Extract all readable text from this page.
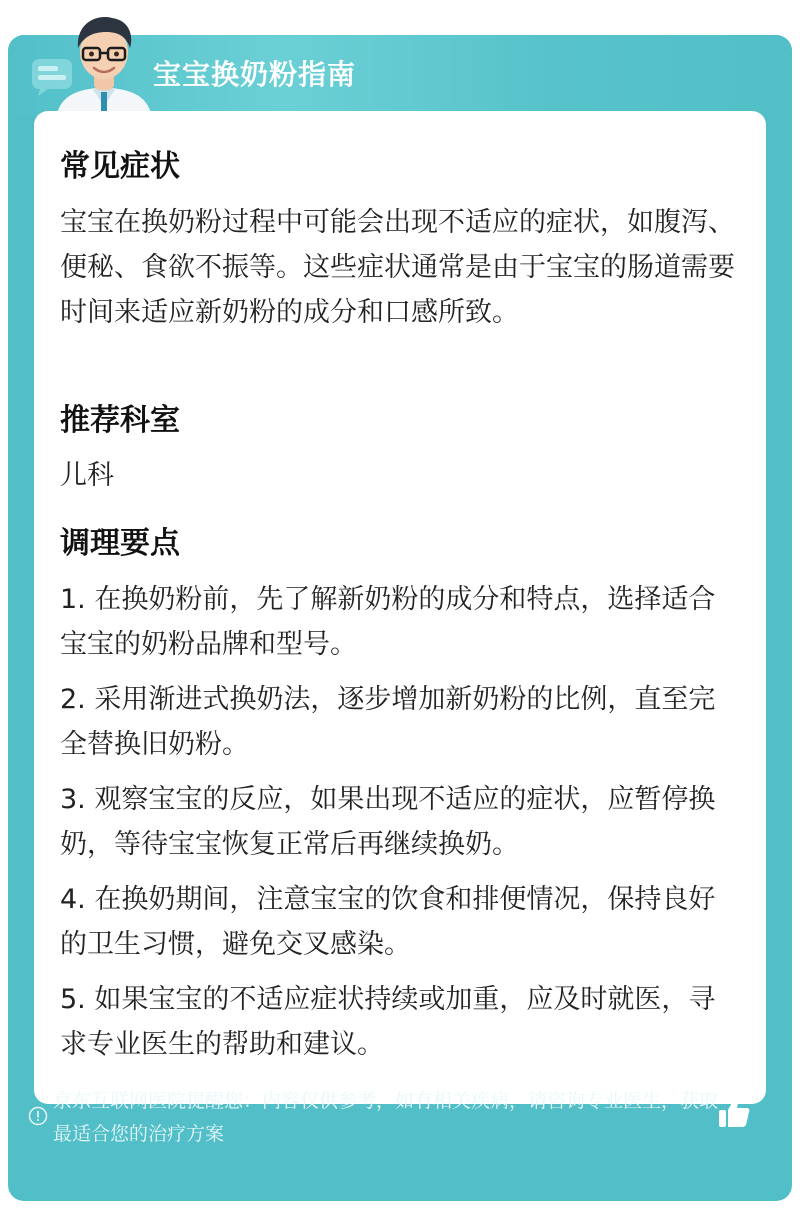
宝宝换奶粉指南
常见症状
宝宝在换奶粉过程中可能会出现不适应的症状，如腹泻、便秘、食欲不振等。这些症状通常是由于宝宝的肠道需要时间来适应新奶粉的成分和口感所致。
推荐科室
儿科
调理要点
1. 在换奶粉前，先了解新奶粉的成分和特点，选择适合宝宝的奶粉品牌和型号。
2. 采用渐进式换奶法，逐步增加新奶粉的比例，直至完全替换旧奶粉。
3. 观察宝宝的反应，如果出现不适应的症状，应暂停换奶，等待宝宝恢复正常后再继续换奶。
4. 在换奶期间，注意宝宝的饮食和排便情况，保持良好的卫生习惯，避免交叉感染。
5. 如果宝宝的不适应症状持续或加重，应及时就医，寻求专业医生的帮助和建议。
京东互联网医院提醒您：内容仅供参考，如有相关疾病，请咨询专业医生，获取最适合您的治疗方案
